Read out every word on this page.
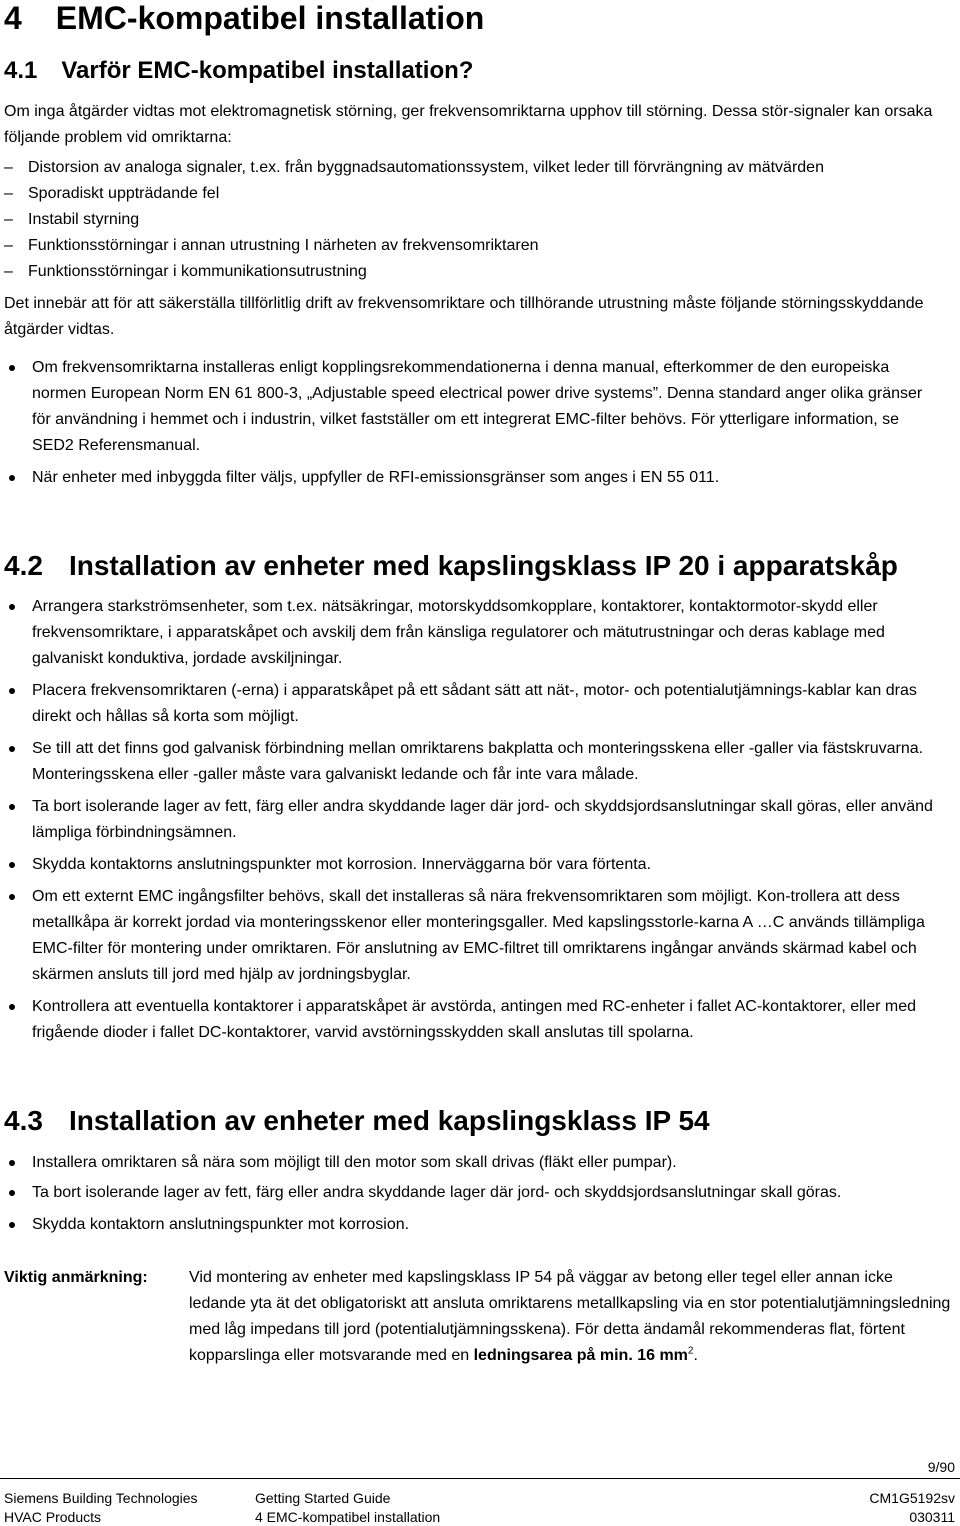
4 EMC-kompatibel installation
4.1 Varför EMC-kompatibel installation?
Om inga åtgärder vidtas mot elektromagnetisk störning, ger frekvensomriktarna upphov till störning. Dessa stör-signaler kan orsaka följande problem vid omriktarna:
– Distorsion av analoga signaler, t.ex. från byggnadsautomationssystem, vilket leder till förvrängning av mätvärden
– Sporadiskt uppträdande fel
– Instabil styrning
– Funktionsstörningar i annan utrustning I närheten av frekvensomriktaren
– Funktionsstörningar i kommunikationsutrustning
Det innebär att för att säkerställa tillförlitlig drift av frekvensomriktare och tillhörande utrustning måste följande störningsskyddande åtgärder vidtas.
Om frekvensomriktarna installeras enligt kopplingsrekommendationerna i denna manual, efterkommer de den europeiska normen European Norm EN 61 800-3, „Adjustable speed electrical power drive systems”. Denna standard anger olika gränser för användning i hemmet och i industrin, vilket fastställer om ett integrerat EMC-filter behövs. För ytterligare information, se SED2 Referensmanual.
När enheter med inbyggda filter väljs, uppfyller de RFI-emissionsgränser som anges i EN 55 011.
4.2 Installation av enheter med kapslingsklass IP 20 i apparatskåp
Arrangera starkströmsenheter, som t.ex. nätsäkringar, motorskyddsomkopplare, kontaktorer, kontaktormotor-skydd eller frekvensomriktare, i apparatskåpet och avskilj dem från känsliga regulatorer och mätutrustningar och deras kablage med galvaniskt konduktiva, jordade avskiljningar.
Placera frekvensomriktaren (-erna) i apparatskåpet på ett sådant sätt att nät-, motor- och potentialutjämnings-kablar kan dras direkt och hållas så korta som möjligt.
Se till att det finns god galvanisk förbindning mellan omriktarens bakplatta och monteringsskena eller -galler via fästskruvarna. Monteringsskena eller -galler måste vara galvaniskt ledande och får inte vara målade.
Ta bort isolerande lager av fett, färg eller andra skyddande lager där jord- och skyddsjordsanslutningar skall göras, eller använd lämpliga förbindningsämnen.
Skydda kontaktorns anslutningspunkter mot korrosion. Innerväggarna bör vara förtenta.
Om ett externt EMC ingångsfilter behövs, skall det installeras så nära frekvensomriktaren som möjligt. Kon-trollera att dess metallkåpa är korrekt jordad via monteringsskenor eller monteringsgaller. Med kapslingsstorle-karna A …C används tillämpliga EMC-filter för montering under omriktaren. För anslutning av EMC-filtret till omriktarens ingångar används skärmad kabel och skärmen ansluts till jord med hjälp av jordningsbyglar.
Kontrollera att eventuella kontaktorer i apparatskåpet är avstörda, antingen med RC-enheter i fallet AC-kontaktorer, eller med frigående dioder i fallet DC-kontaktorer, varvid avstörningsskydden skall anslutas till spolarna.
4.3 Installation av enheter med kapslingsklass IP 54
Installera omriktaren så nära som möjligt till den motor som skall drivas (fläkt eller pumpar).
Ta bort isolerande lager av fett, färg eller andra skyddande lager där jord- och skyddsjordsanslutningar skall göras.
Skydda kontaktorn anslutningspunkter mot korrosion.
Viktig anmärkning:	Vid montering av enheter med kapslingsklass IP 54 på väggar av betong eller tegel eller annan icke ledande yta ät det obligatoriskt att ansluta omriktarens metallkapsling via en stor potentialutjämningsledning med låg impedans till jord (potentialutjämningsskena). För detta ändamål rekommenderas flat, förtent kopparslinga eller motsvarande med en ledningsarea på min. 16 $mm^2$.
9/90
Siemens Building Technologies
HVAC Products
Getting Started Guide
4 EMC-kompatibel installation
CM1G5192sv
030311
